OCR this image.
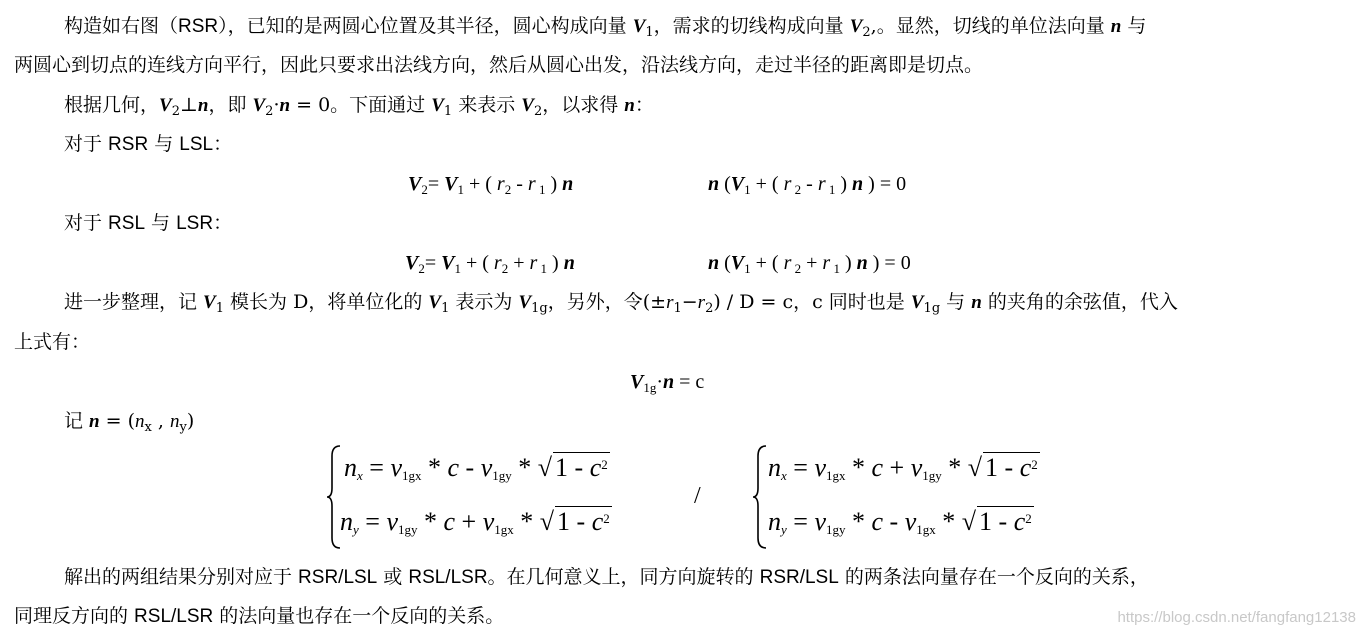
构造如右图（RSR），已知的是两圆心位置及其半径，圆心构成向量 $V_1$，需求的切线构成向量 $V_2$,。显然，切线的单位法向量 n 与
两圆心到切点的连线方向平行，因此只要求出法线方向，然后从圆心出发，沿法线方向，走过半径的距离即是切点。
根据几何，$V_2\perp n$，即 $V_2\cdot n = 0$。下面通过 $V_1$ 来表示 $V_2$，以求得 n：
对于 RSR 与 LSL：
$V_2= V_1$ + ( $r_2$ - r $_1$ ) n	n ($V_1$ + ( r $_2$ - r $_1$ ) n ) = 0
对于 RSL 与 LSR：
$V_2= V_1$ + ( $r_2 + r$ $_1$ ) n	n ($V_1$ + ( r $_2$ + r $_1$ ) n ) = 0
进一步整理，记 $V_1$ 模长为 D，将单位化的 $V_1$ 表示为 $V_{1g}$，另外，令$(\pm r_1-r_2) / D = c$，c 同时也是 $V_{1g}$ 与 n 的夹角的余弦值，代入
上式有：
$V_{1g}\cdot n = c$
记 $n = (n_x$ , $n_y$)
$n_x = v_{1gx} * c - v_{1gy}$ * √ $1 - c^2$
$n_y = v_{1gy} * c + v_{1gx}$ * √ $1 - c^2$
/
$n_x = v_{1gx} * c + v_{1gy}$ * √ $1 - c^2$
$n_y = v_{1gy} * c - v_{1gx}$ * √ $1 - c^2$
解出的两组结果分别对应于 RSR/LSL 或 RSL/LSR。在几何意义上，同方向旋转的 RSR/LSL 的两条法向量存在一个反向的关系，
同理反方向的 RSL/LSR 的法向量也存在一个反向的关系。	https://blog.csdn.net/fangfang12138
